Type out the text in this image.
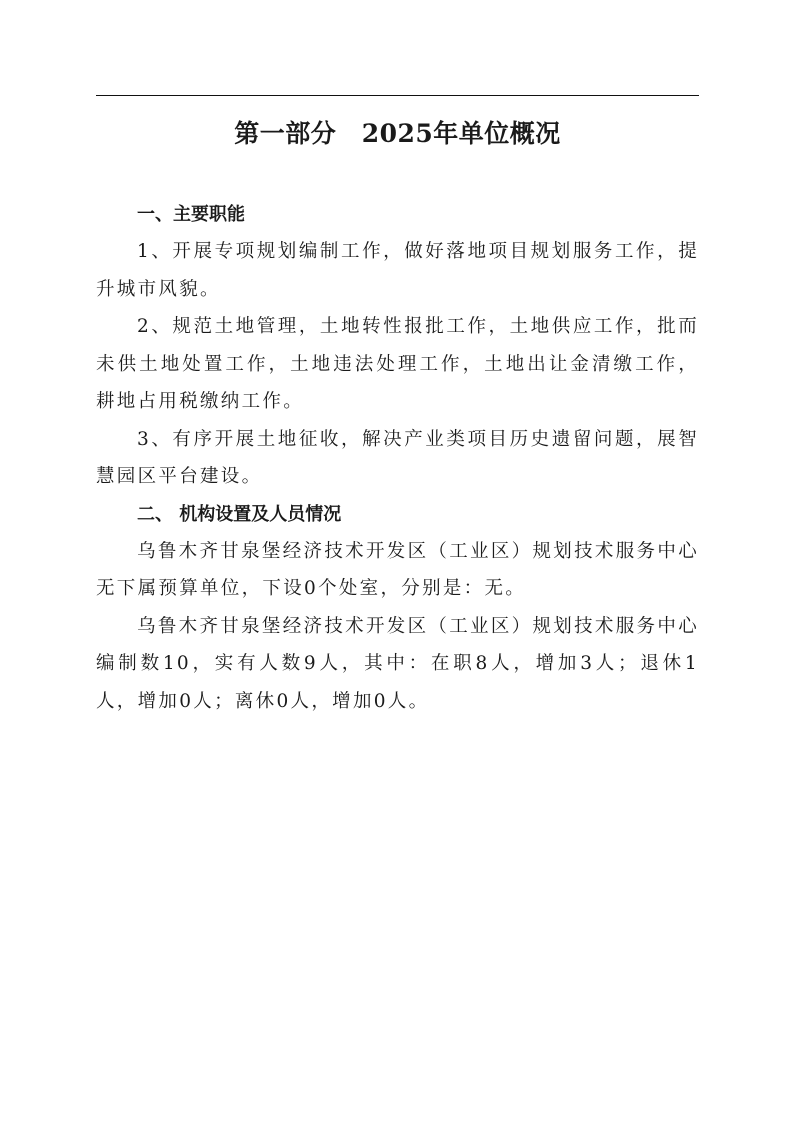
第一部分　2025年单位概况
一、主要职能

1、开展专项规划编制工作，做好落地项目规划服务工作，提升城市风貌。

2、规范土地管理，土地转性报批工作，土地供应工作，批而未供土地处置工作，土地违法处理工作，土地出让金清缴工作，耕地占用税缴纳工作。

3、有序开展土地征收，解决产业类项目历史遗留问题，展智慧园区平台建设。

二、 机构设置及人员情况

乌鲁木齐甘泉堡经济技术开发区（工业区）规划技术服务中心无下属预算单位，下设0个处室，分别是：无。

乌鲁木齐甘泉堡经济技术开发区（工业区）规划技术服务中心编制数10，实有人数9人，其中：在职8人，增加3人；退休1人，增加0人；离休0人，增加0人。
